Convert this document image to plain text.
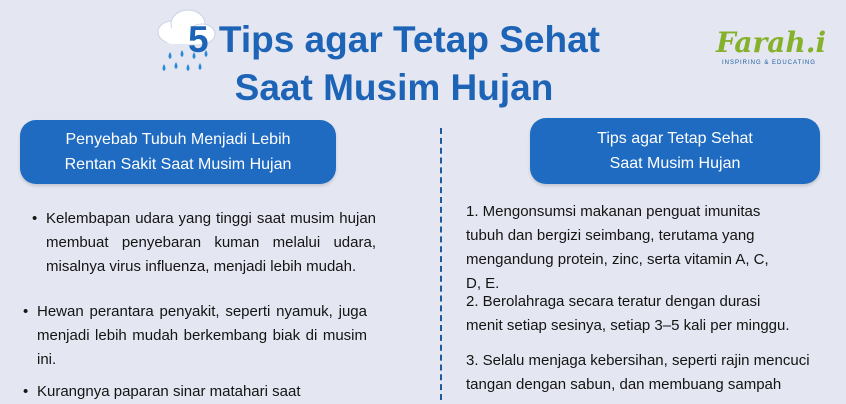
5 Tips agar Tetap Sehat
Saat Musim Hujan
Farah.i
INSPIRING & EDUCATING
Penyebab Tubuh Menjadi Lebih
Rentan Sakit Saat Musim Hujan
Tips agar Tetap Sehat
Saat Musim Hujan
• Kelembapan udara yang tinggi saat musim hujan membuat penyebaran kuman melalui udara, misalnya virus influenza, menjadi lebih mudah.
• Hewan perantara penyakit, seperti nyamuk, juga menjadi lebih mudah berkembang biak di musim ini.
• Kurangnya paparan sinar matahari saat
1. Mengonsumsi makanan penguat imunitas
tubuh dan bergizi seimbang, terutama yang
mengandung protein, zinc, serta vitamin A, C,
D, E.
2. Berolahraga secara teratur dengan durasi
menit setiap sesinya, setiap 3–5 kali per minggu.
3. Selalu menjaga kebersihan, seperti rajin mencuci
tangan dengan sabun, dan membuang sampah
